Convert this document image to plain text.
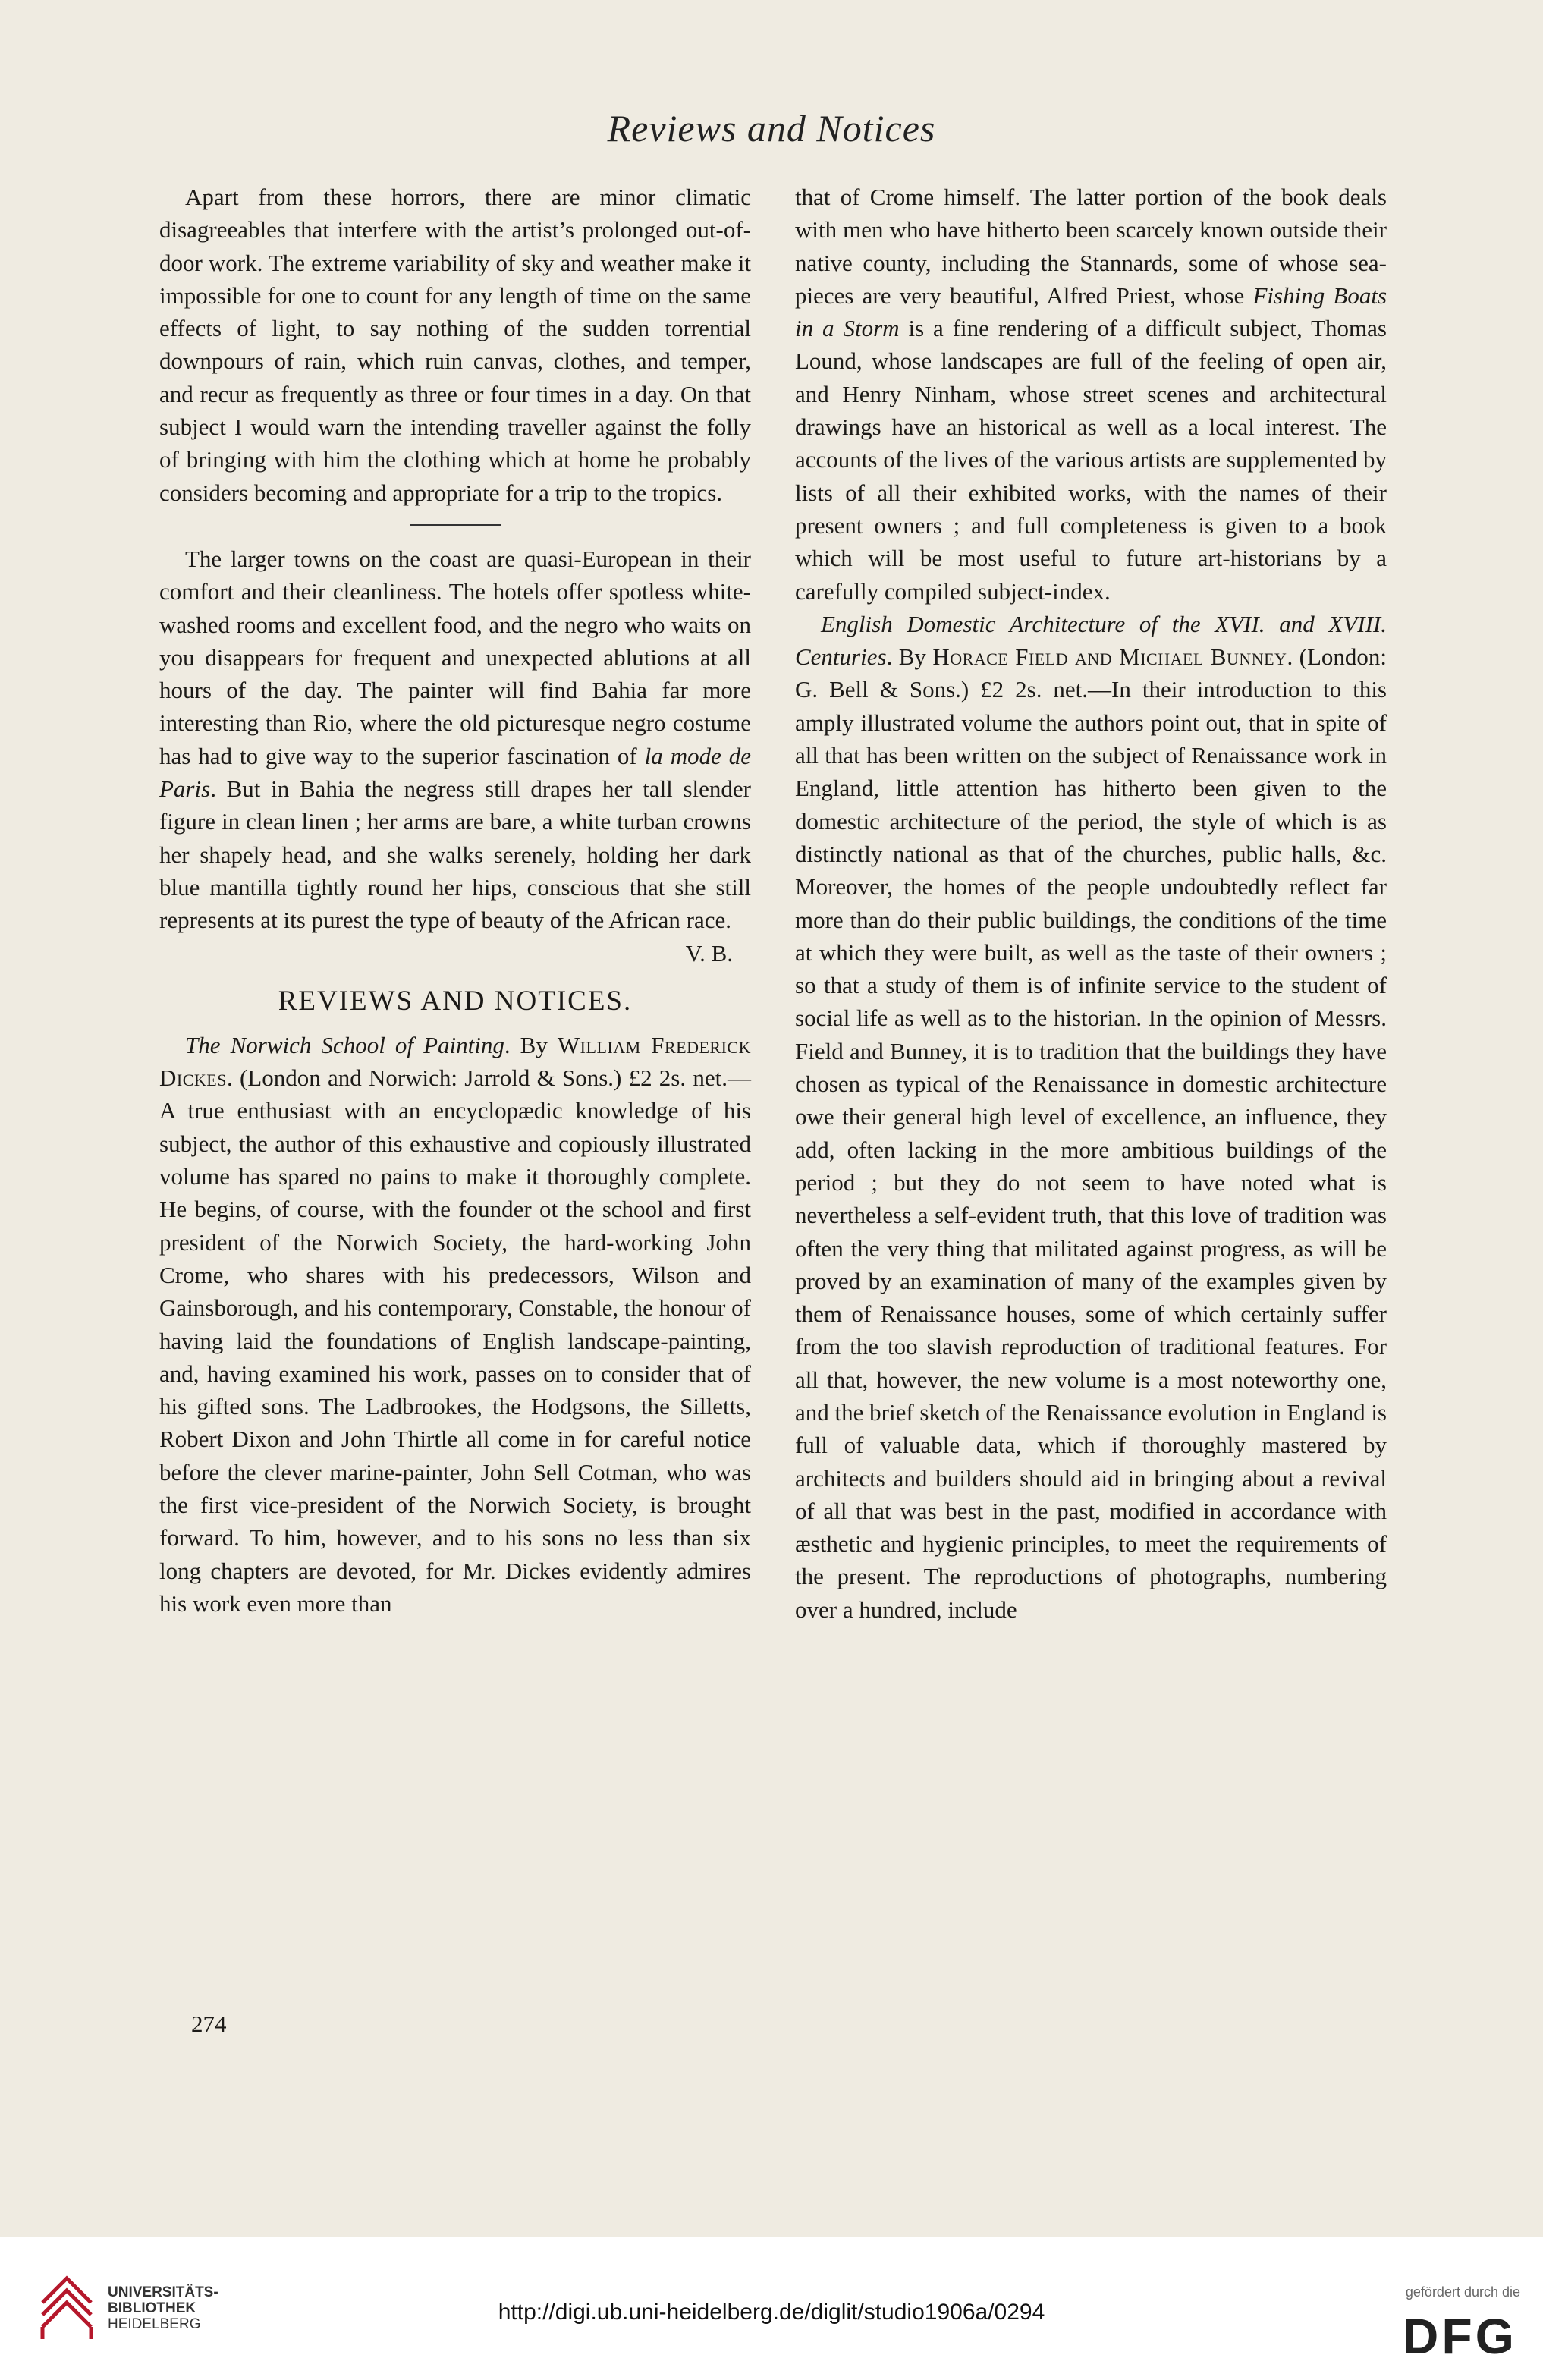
Reviews and Notices

Apart from these horrors, there are minor climatic disagreeables that interfere with the artist’s prolonged out-of-door work. The extreme variability of sky and weather make it impossible for one to count for any length of time on the same effects of light, to say nothing of the sudden torrential downpours of rain, which ruin canvas, clothes, and temper, and recur as frequently as three or four times in a day. On that subject I would warn the intending traveller against the folly of bringing with him the clothing which at home he probably considers becoming and appropriate for a trip to the tropics.

The larger towns on the coast are quasi-European in their comfort and their cleanliness. The hotels offer spotless white-washed rooms and excellent food, and the negro who waits on you disappears for frequent and unexpected ablutions at all hours of the day. The painter will find Bahia far more interesting than Rio, where the old picturesque negro costume has had to give way to the superior fascination of la mode de Paris. But in Bahia the negress still drapes her tall slender figure in clean linen ; her arms are bare, a white turban crowns her shapely head, and she walks serenely, holding her dark blue mantilla tightly round her hips, conscious that she still represents at its purest the type of beauty of the African race.

V. B.

REVIEWS AND NOTICES.

The Norwich School of Painting. By William Frederick Dickes. (London and Norwich: Jarrold & Sons.) £2 2s. net.—A true enthusiast with an encyclopædic knowledge of his subject, the author of this exhaustive and copiously illustrated volume has spared no pains to make it thoroughly complete. He begins, of course, with the founder ot the school and first president of the Norwich Society, the hard-working John Crome, who shares with his predecessors, Wilson and Gainsborough, and his contemporary, Constable, the honour of having laid the foundations of English landscape-painting, and, having examined his work, passes on to consider that of his gifted sons. The Ladbrookes, the Hodgsons, the Silletts, Robert Dixon and John Thirtle all come in for careful notice before the clever marine-painter, John Sell Cotman, who was the first vice-president of the Norwich Society, is brought forward. To him, however, and to his sons no less than six long chapters are devoted, for Mr. Dickes evidently admires his work even more than

that of Crome himself. The latter portion of the book deals with men who have hitherto been scarcely known outside their native county, including the Stannards, some of whose sea-pieces are very beautiful, Alfred Priest, whose Fishing Boats in a Storm is a fine rendering of a difficult subject, Thomas Lound, whose landscapes are full of the feeling of open air, and Henry Ninham, whose street scenes and architectural drawings have an historical as well as a local interest. The accounts of the lives of the various artists are supplemented by lists of all their exhibited works, with the names of their present owners ; and full completeness is given to a book which will be most useful to future art-historians by a carefully compiled subject-index.

English Domestic Architecture of the XVII. and XVIII. Centuries. By Horace Field and Michael Bunney. (London: G. Bell & Sons.) £2 2s. net.—In their introduction to this amply illustrated volume the authors point out, that in spite of all that has been written on the subject of Renaissance work in England, little attention has hitherto been given to the domestic architecture of the period, the style of which is as distinctly national as that of the churches, public halls, &c. Moreover, the homes of the people undoubtedly reflect far more than do their public buildings, the conditions of the time at which they were built, as well as the taste of their owners ; so that a study of them is of infinite service to the student of social life as well as to the historian. In the opinion of Messrs. Field and Bunney, it is to tradition that the buildings they have chosen as typical of the Renaissance in domestic architecture owe their general high level of excellence, an influence, they add, often lacking in the more ambitious buildings of the period ; but they do not seem to have noted what is nevertheless a self-evident truth, that this love of tradition was often the very thing that militated against progress, as will be proved by an examination of many of the examples given by them of Renaissance houses, some of which certainly suffer from the too slavish reproduction of traditional features. For all that, however, the new volume is a most noteworthy one, and the brief sketch of the Renaissance evolution in England is full of valuable data, which if thoroughly mastered by architects and builders should aid in bringing about a revival of all that was best in the past, modified in accordance with æsthetic and hygienic principles, to meet the requirements of the present. The reproductions of photographs, numbering over a hundred, include

274
UNIVERSITÄTS-
BIBLIOTHEK
HEIDELBERG	http://digi.ub.uni-heidelberg.de/diglit/studio1906a/0294
gefördert durch die
DFG
